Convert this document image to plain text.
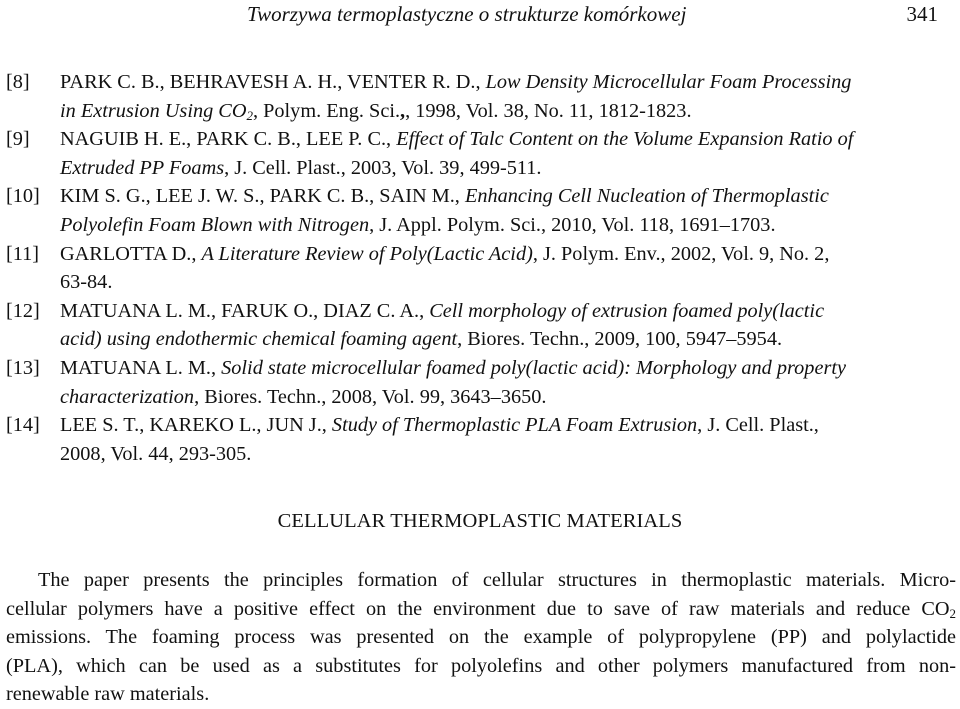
Tworzywa termoplastyczne o strukturze komórkowej	341
[8] PARK C. B., BEHRAVESH A. H., VENTER R. D., Low Density Microcellular Foam Processing
in Extrusion Using $CO_2$, Polym. Eng. Sci.,, 1998, Vol. 38, No. 11, 1812-1823.
[9] NAGUIB H. E., PARK C. B., LEE P. C., Effect of Talc Content on the Volume Expansion Ratio of
Extruded PP Foams, J. Cell. Plast., 2003, Vol. 39, 499-511.
[10] KIM S. G., LEE J. W. S., PARK C. B., SAIN M., Enhancing Cell Nucleation of Thermoplastic
Polyolefin Foam Blown with Nitrogen, J. Appl. Polym. Sci., 2010, Vol. 118, 1691–1703.
[11] GARLOTTA D., A Literature Review of Poly(Lactic Acid), J. Polym. Env., 2002, Vol. 9, No. 2,
63-84.
[12] MATUANA L. M., FARUK O., DIAZ C. A., Cell morphology of extrusion foamed poly(lactic
acid) using endothermic chemical foaming agent, Biores. Techn., 2009, 100, 5947–5954.
[13] MATUANA L. M., Solid state microcellular foamed poly(lactic acid): Morphology and property
characterization, Biores. Techn., 2008, Vol. 99, 3643–3650.
[14] LEE S. T., KAREKO L., JUN J., Study of Thermoplastic PLA Foam Extrusion, J. Cell. Plast.,
2008, Vol. 44, 293-305.
CELLULAR THERMOPLASTIC MATERIALS
The paper presents the principles formation of cellular structures in thermoplastic materials. Micro-
cellular polymers have a positive effect on the environment due to save of raw materials and reduce $CO_2$
emissions. The foaming process was presented on the example of polypropylene (PP) and polylactide
(PLA), which can be used as a substitutes for polyolefins and other polymers manufactured from non-
renewable raw materials.
